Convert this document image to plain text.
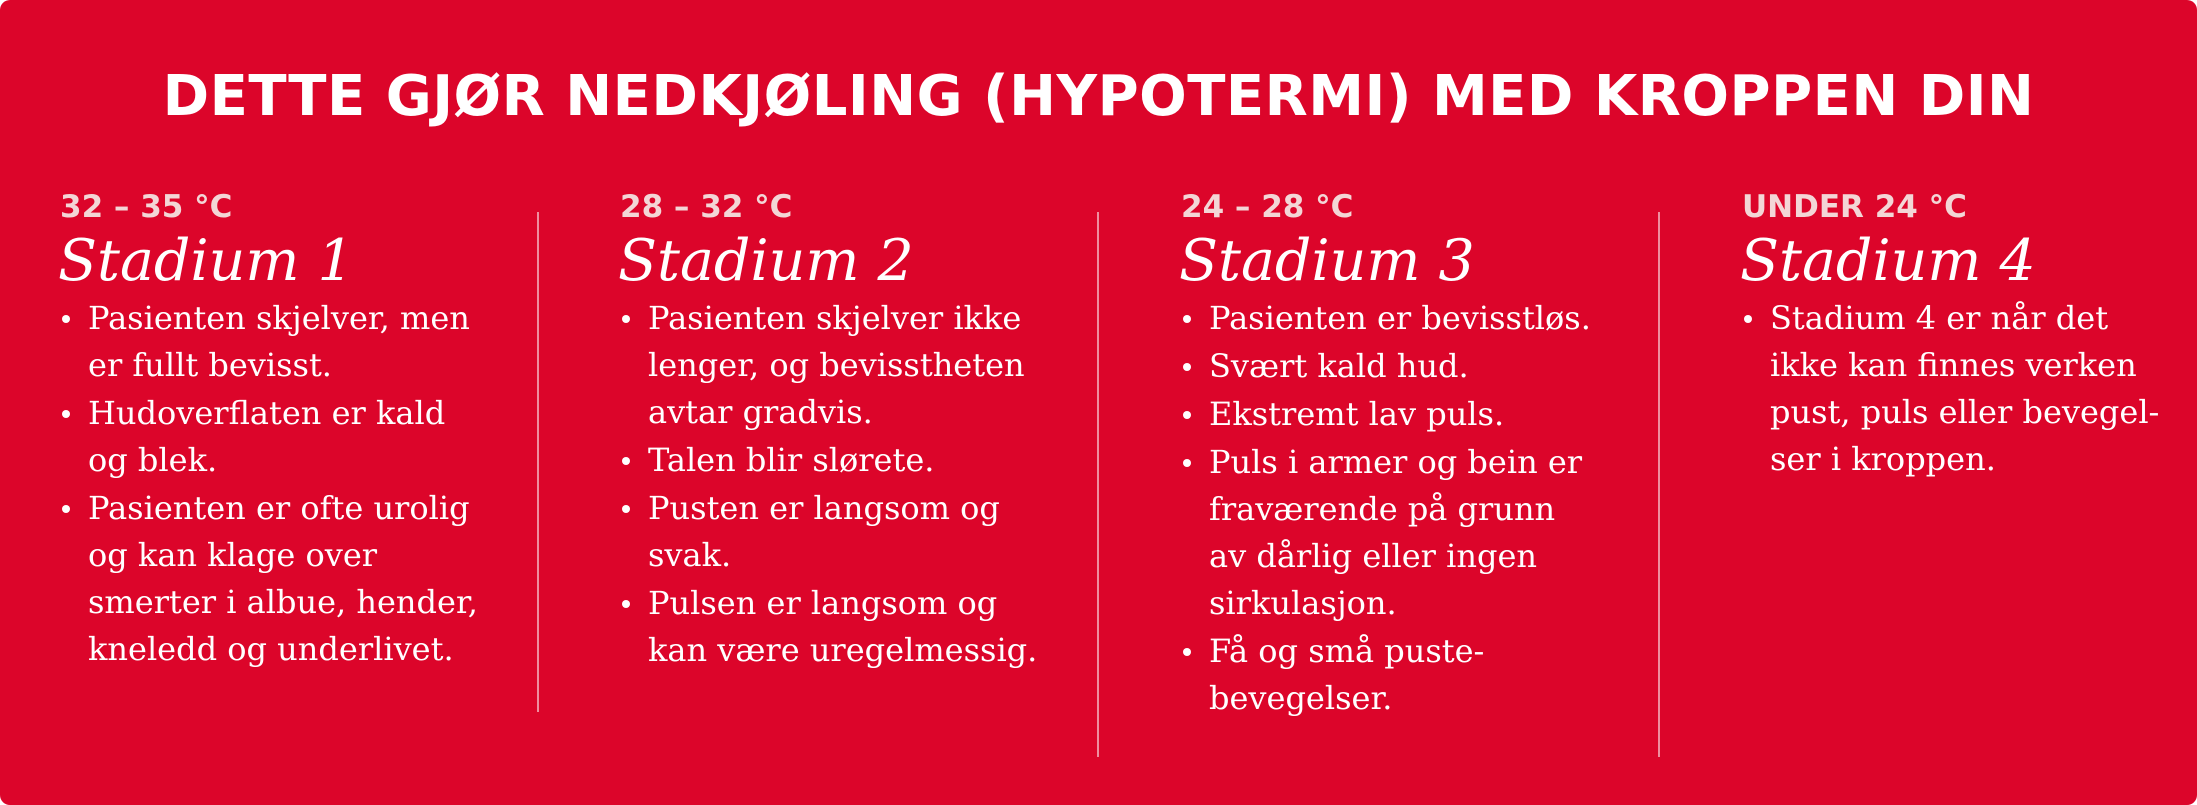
DETTE GJØR NEDKJØLING (HYPOTERMI) MED KROPPEN DIN

32 – 35 °C

Stadium 1

Pasienten skjelver, men
er fullt bevisst.
Hudoverflaten er kald
og blek.
Pasienten er ofte urolig
og kan klage over
smerter i albue, hender,
kneledd og underlivet.

28 – 32 °C

Stadium 2

Pasienten skjelver ikke
lenger, og bevisstheten
avtar gradvis.
Talen blir slørete.
Pusten er langsom og
svak.
Pulsen er langsom og
kan være uregelmessig.

24 – 28 °C

Stadium 3

Pasienten er bevisstløs.
Svært kald hud.
Ekstremt lav puls.
Puls i armer og bein er
fraværende på grunn
av dårlig eller ingen
sirkulasjon.
Få og små puste-
bevegelser.

UNDER 24 °C

Stadium 4

Stadium 4 er når det
ikke kan finnes verken
pust, puls eller bevegel-
ser i kroppen.
